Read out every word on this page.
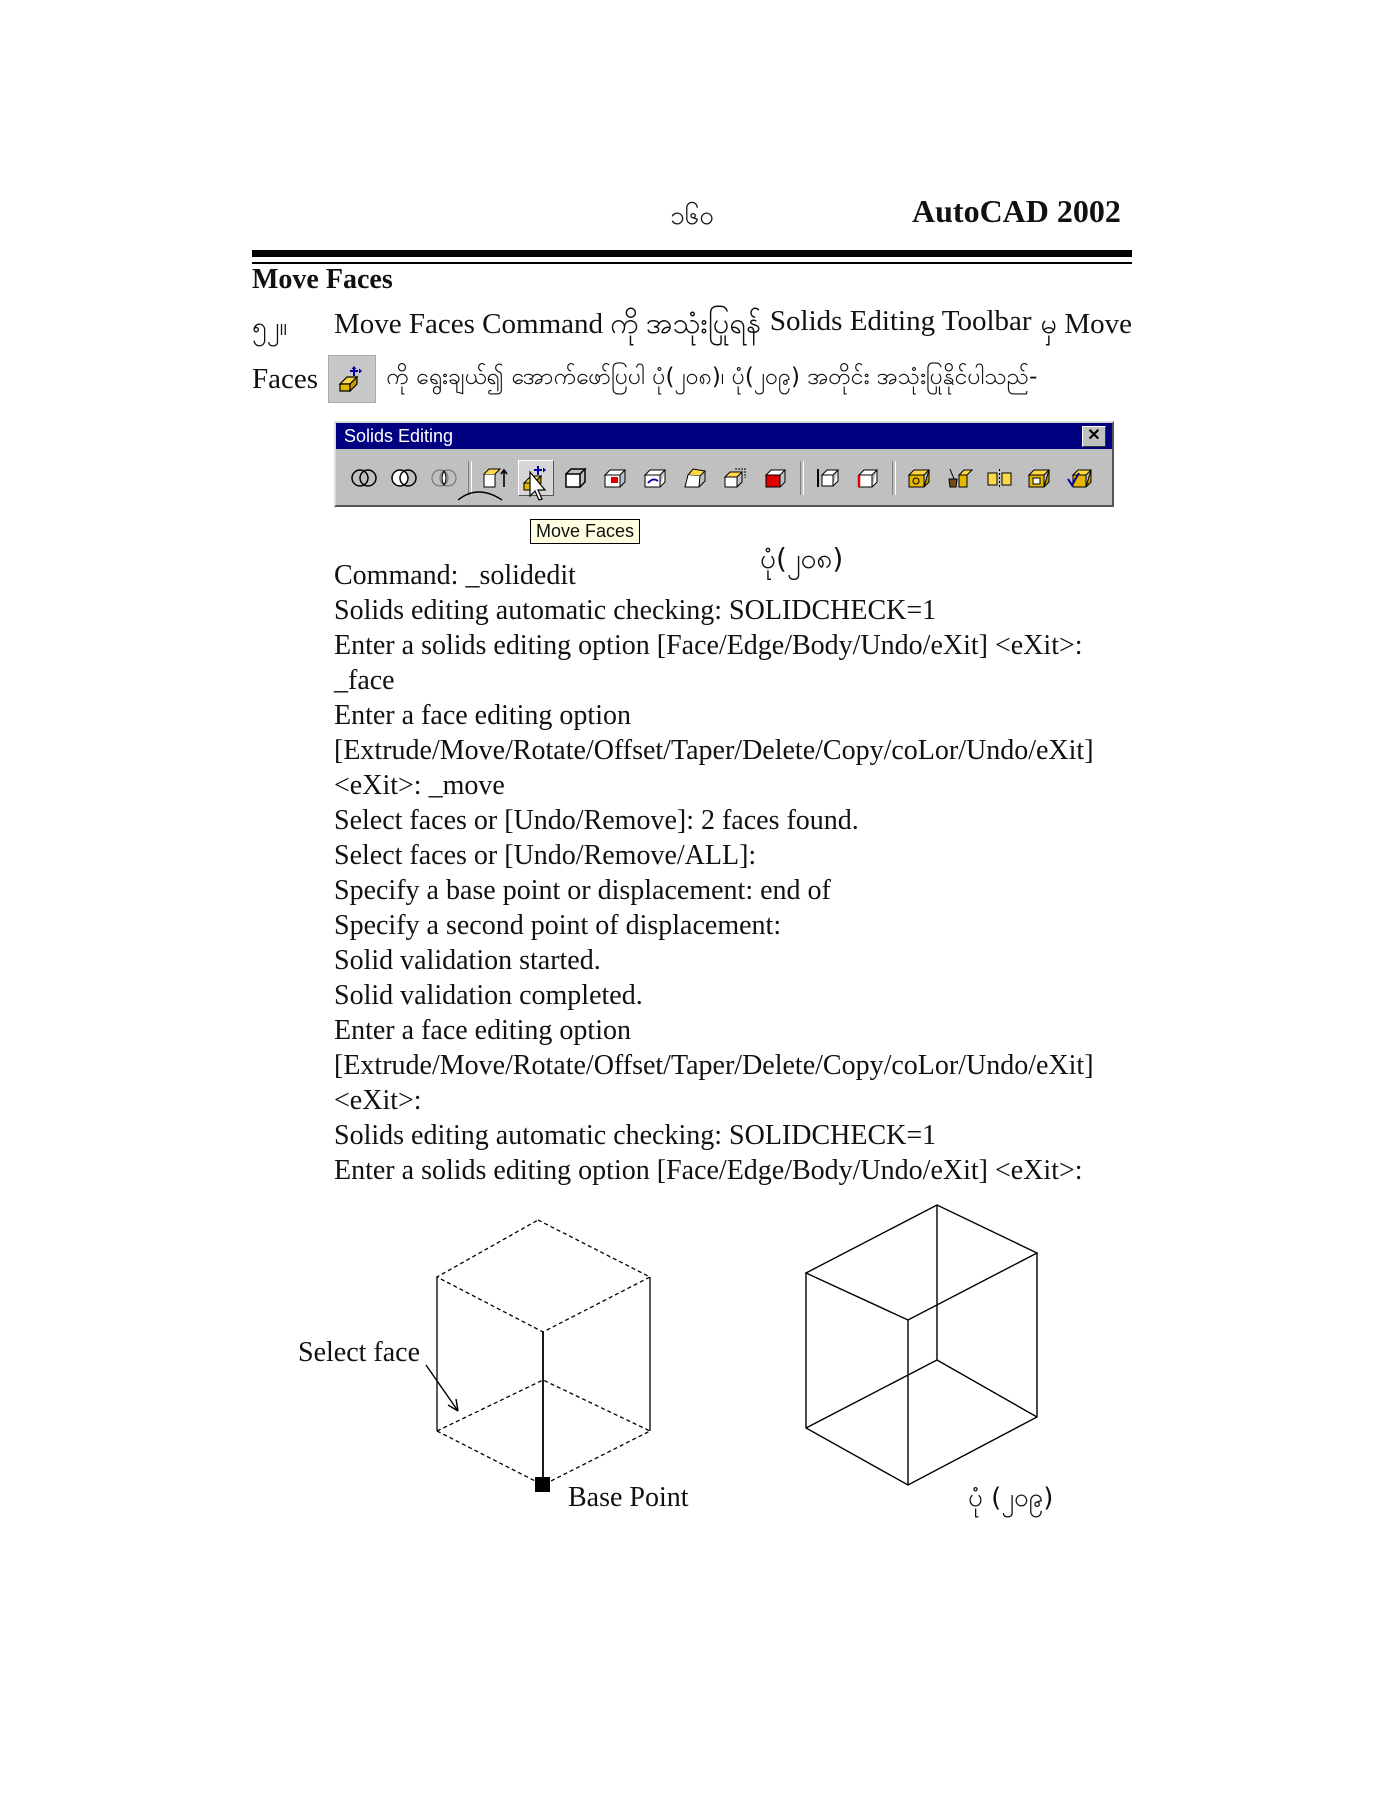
၁၆၀	AutoCAD 2002
Move Faces
၅၂။ Move Faces Command ကို အသုံးပြုရန် Solids Editing Toolbar မှ Move
Faces	ကို ရွေးချယ်၍ အောက်ဖော်ပြပါ ပုံ(၂၀၈)၊ ပုံ(၂၀၉) အတိုင်း အသုံးပြုနိုင်ပါသည်-
Solids Editing	✕
Move Faces
ပုံ(၂၀၈)
Command: _solidedit
Solids editing automatic checking: SOLIDCHECK=1
Enter a solids editing option [Face/Edge/Body/Undo/eXit] <eXit>:
_face
Enter a face editing option
[Extrude/Move/Rotate/Offset/Taper/Delete/Copy/coLor/Undo/eXit]
<eXit>: _move
Select faces or [Undo/Remove]: 2 faces found.
Select faces or [Undo/Remove/ALL]:
Specify a base point or displacement: end of
Specify a second point of displacement:
Solid validation started.
Solid validation completed.
Enter a face editing option
[Extrude/Move/Rotate/Offset/Taper/Delete/Copy/coLor/Undo/eXit]
<eXit>:
Solids editing automatic checking: SOLIDCHECK=1
Enter a solids editing option [Face/Edge/Body/Undo/eXit] <eXit>:
Select face
Base Point	ပုံ (၂၀၉)
